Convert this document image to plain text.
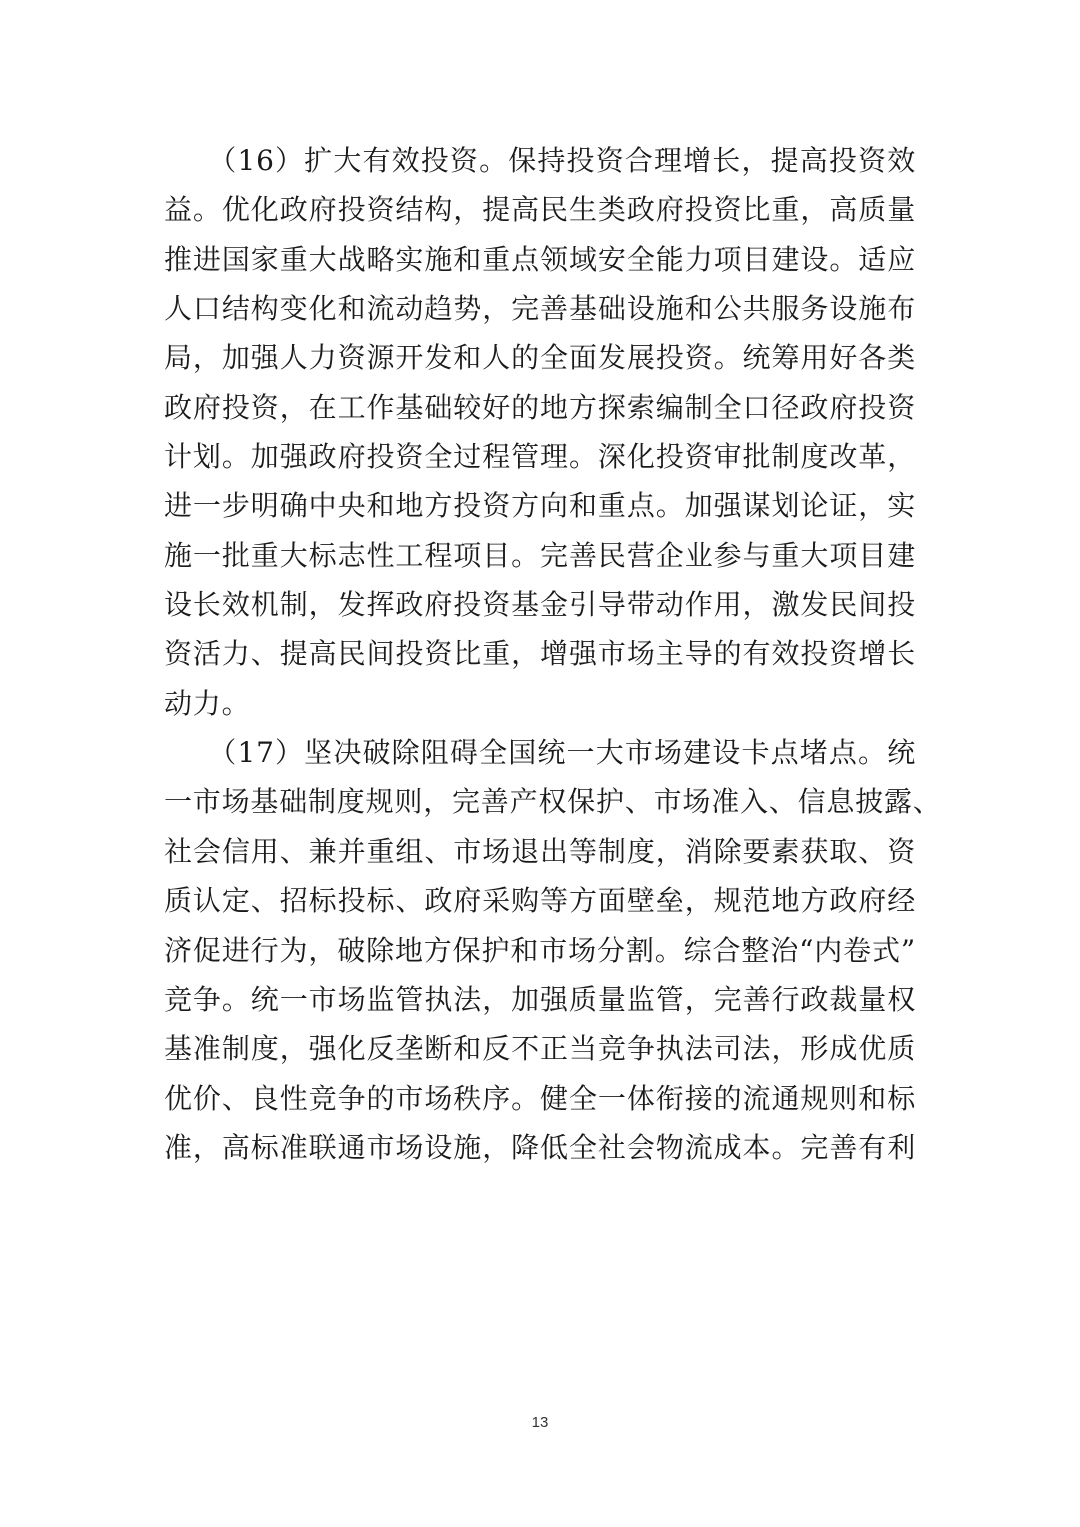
　　（16）扩大有效投资。保持投资合理增长，提高投资效
益。优化政府投资结构，提高民生类政府投资比重，高质量
推进国家重大战略实施和重点领域安全能力项目建设。适应
人口结构变化和流动趋势，完善基础设施和公共服务设施布
局，加强人力资源开发和人的全面发展投资。统筹用好各类
政府投资，在工作基础较好的地方探索编制全口径政府投资
计划。加强政府投资全过程管理。深化投资审批制度改革，
进一步明确中央和地方投资方向和重点。加强谋划论证，实
施一批重大标志性工程项目。完善民营企业参与重大项目建
设长效机制，发挥政府投资基金引导带动作用，激发民间投
资活力、提高民间投资比重，增强市场主导的有效投资增长
动力。
　　（17）坚决破除阻碍全国统一大市场建设卡点堵点。统
一市场基础制度规则，完善产权保护、市场准入、信息披露、
社会信用、兼并重组、市场退出等制度，消除要素获取、资
质认定、招标投标、政府采购等方面壁垒，规范地方政府经
济促进行为，破除地方保护和市场分割。综合整治“内卷式”
竞争。统一市场监管执法，加强质量监管，完善行政裁量权
基准制度，强化反垄断和反不正当竞争执法司法，形成优质
优价、良性竞争的市场秩序。健全一体衔接的流通规则和标
准，高标准联通市场设施，降低全社会物流成本。完善有利
13
